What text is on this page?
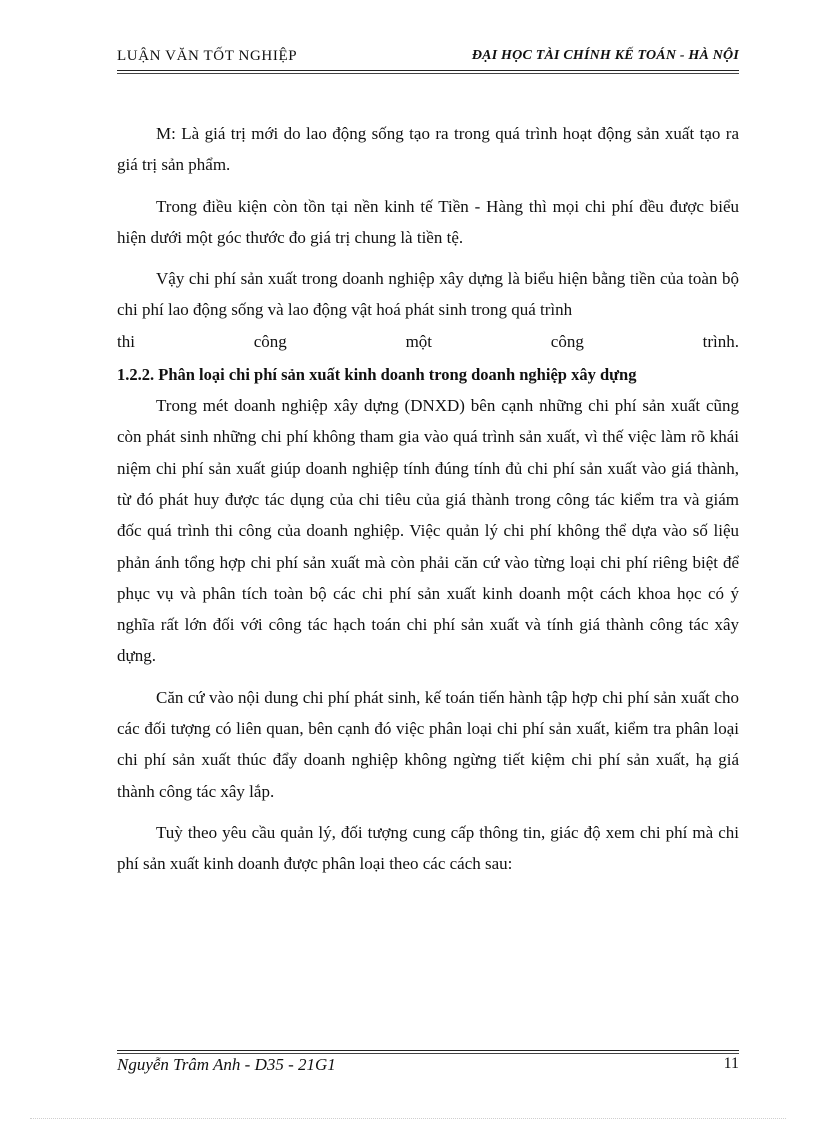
LUẬN VĂN TỐT NGHIỆP	ĐẠI HỌC TÀI CHÍNH KẾ TOÁN - HÀ NỘI

M: Là giá trị mới do lao động sống tạo ra trong quá trình hoạt động sản xuất tạo ra giá trị sản phẩm.

Trong điều kiện còn tồn tại nền kinh tế Tiền - Hàng thì mọi chi phí đều được biểu hiện dưới một góc thước đo giá trị chung là tiền tệ.

Vậy chi phí sản xuất trong doanh nghiệp xây dựng là biểu hiện bằng tiền của toàn bộ chi phí lao động sống và lao động vật hoá phát sinh trong quá trình

thi công một công trình.

1.2.2. Phân loại chi phí sản xuất kinh doanh trong doanh nghiệp xây dựng

Trong mét doanh nghiệp xây dựng (DNXD) bên cạnh những chi phí sản xuất cũng còn phát sinh những chi phí không tham gia vào quá trình sản xuất, vì thế việc làm rõ khái niệm chi phí sản xuất giúp doanh nghiệp tính đúng tính đủ chi phí sản xuất vào giá thành, từ đó phát huy được tác dụng của chi tiêu của giá thành trong công tác kiểm tra và giám đốc quá trình thi công của doanh nghiệp. Việc quản lý chi phí không thể dựa vào số liệu phản ánh tổng hợp chi phí sản xuất mà còn phải căn cứ vào từng loại chi phí riêng biệt để phục vụ và phân tích toàn bộ các chi phí sản xuất kinh doanh một cách khoa học có ý nghĩa rất lớn đối với công tác hạch toán chi phí sản xuất và tính giá thành công tác xây dựng.

Căn cứ vào nội dung chi phí phát sinh, kế toán tiến hành tập hợp chi phí sản xuất cho các đối tượng có liên quan, bên cạnh đó việc phân loại chi phí sản xuất, kiểm tra phân loại chi phí sản xuất thúc đẩy doanh nghiệp không ngừng tiết kiệm chi phí sản xuất, hạ giá thành công tác xây lắp.

Tuỳ theo yêu cầu quản lý, đối tượng cung cấp thông tin, giác độ xem chi phí mà chi phí sản xuất kinh doanh được phân loại theo các cách sau:

Nguyễn Trâm Anh - D35 - 21G1	11
